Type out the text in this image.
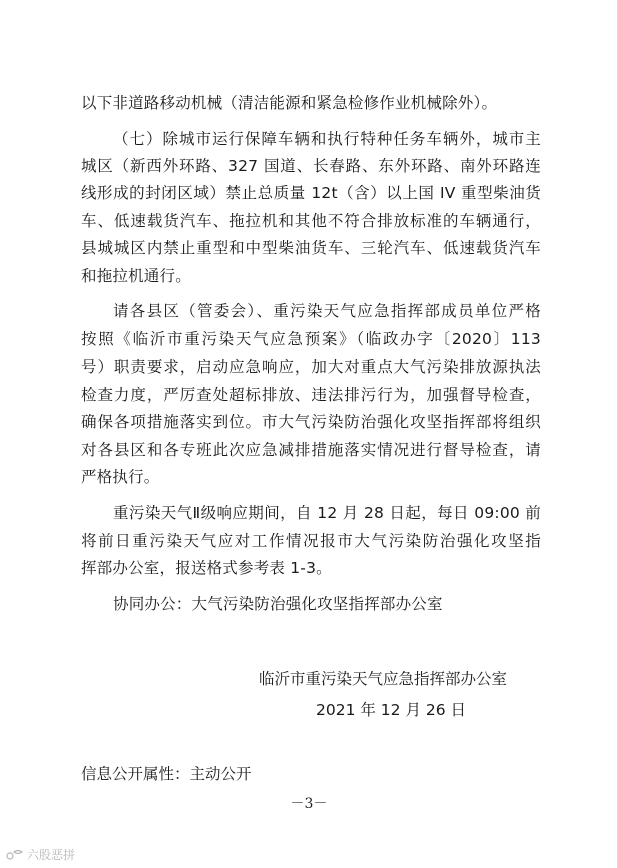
以下非道路移动机械（清洁能源和紧急检修作业机械除外）。
（七）除城市运行保障车辆和执行特种任务车辆外，城市主
城区（新西外环路、327 国道、长春路、东外环路、南外环路连
线形成的封闭区域）禁止总质量 12t（含）以上国 IV 重型柴油货
车、低速载货汽车、拖拉机和其他不符合排放标准的车辆通行，
县城城区内禁止重型和中型柴油货车、三轮汽车、低速载货汽车
和拖拉机通行。
请各县区（管委会）、重污染天气应急指挥部成员单位严格
按照《临沂市重污染天气应急预案》（临政办字〔2020〕113
号）职责要求，启动应急响应，加大对重点大气污染排放源执法
检查力度，严厉查处超标排放、违法排污行为，加强督导检查，
确保各项措施落实到位。市大气污染防治强化攻坚指挥部将组织
对各县区和各专班此次应急减排措施落实情况进行督导检查，请
严格执行。
重污染天气Ⅱ级响应期间，自 12 月 28 日起，每日 09:00 前
将前日重污染天气应对工作情况报市大气污染防治强化攻坚指
挥部办公室，报送格式参考表 1-3。
协同办公：大气污染防治强化攻坚指挥部办公室
临沂市重污染天气应急指挥部办公室
2021 年 12 月 26 日
信息公开属性：主动公开
－3－
六股恶拼
